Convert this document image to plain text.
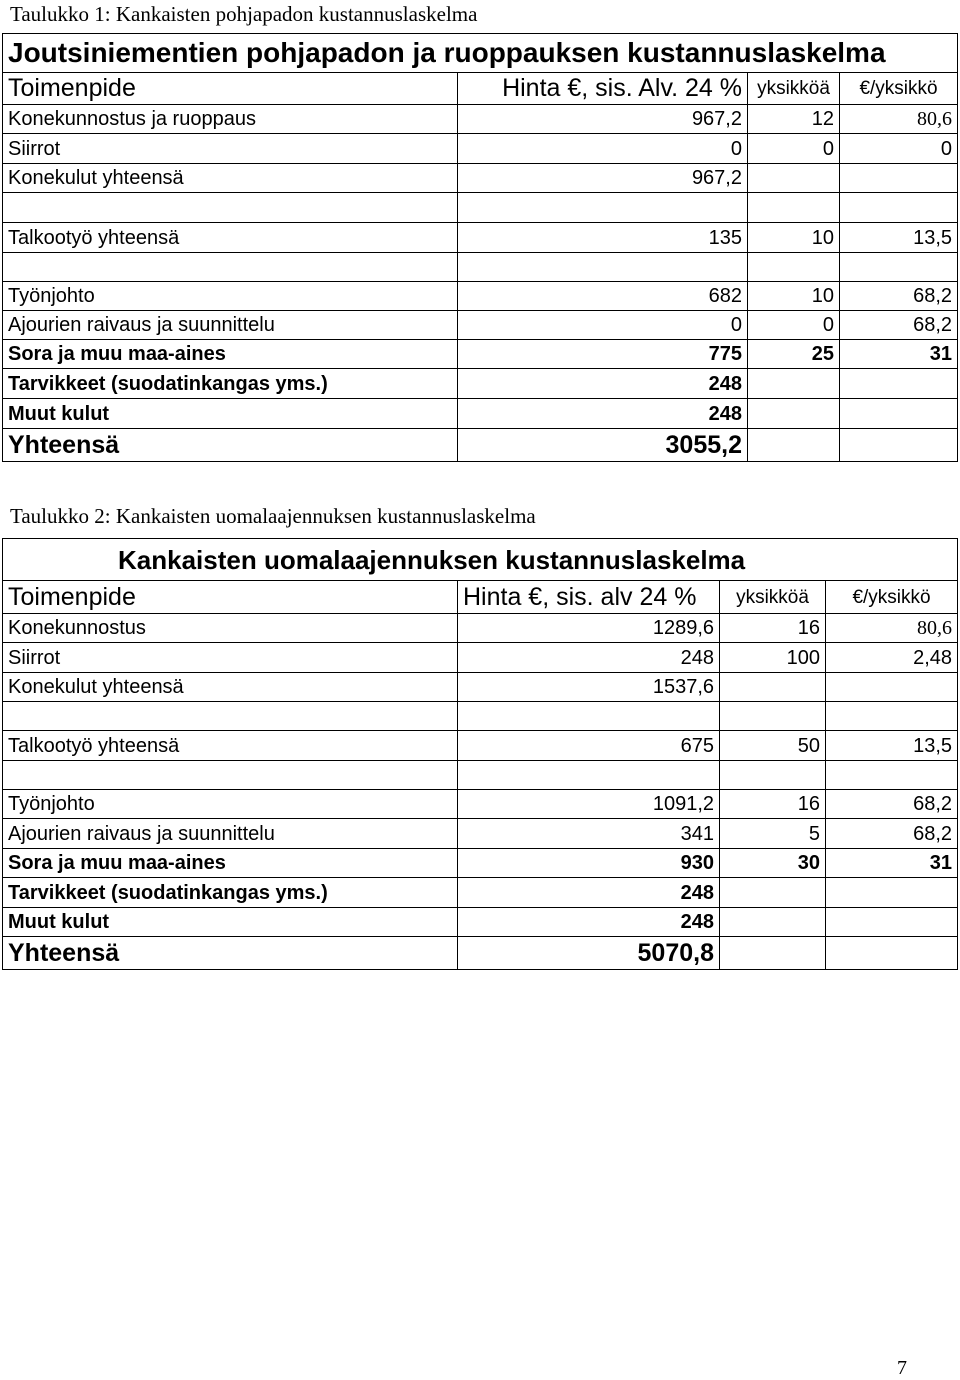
Taulukko 1: Kankaisten pohjapadon kustannuslaskelma
Joutsiniementien pohjapadon ja ruoppauksen kustannuslaskelma			
Toimenpide	Hinta €, sis. Alv. 24 %	yksikköä	€/yksikkö
Konekunnostus ja ruoppaus	967,2	12	80,6
Siirrot	0	0	0
Konekulut yhteensä	967,2		

Talkootyö yhteensä	135	10	13,5

Työnjohto	682	10	68,2
Ajourien raivaus ja suunnittelu	0	0	68,2
Sora ja muu maa-aines	775	25	31
Tarvikkeet (suodatinkangas yms.)	248		
Muut kulut	248		
Yhteensä	3055,2		
Taulukko 2: Kankaisten uomalaajennuksen kustannuslaskelma
Kankaisten uomalaajennuksen kustannuslaskelma			
Toimenpide	Hinta €, sis. alv 24 %	yksikköä	€/yksikkö
Konekunnostus	1289,6	16	80,6
Siirrot	248	100	2,48
Konekulut yhteensä	1537,6		

Talkootyö yhteensä	675	50	13,5

Työnjohto	1091,2	16	68,2
Ajourien raivaus ja suunnittelu	341	5	68,2
Sora ja muu maa-aines	930	30	31
Tarvikkeet (suodatinkangas yms.)	248		
Muut kulut	248		
Yhteensä	5070,8		
7
